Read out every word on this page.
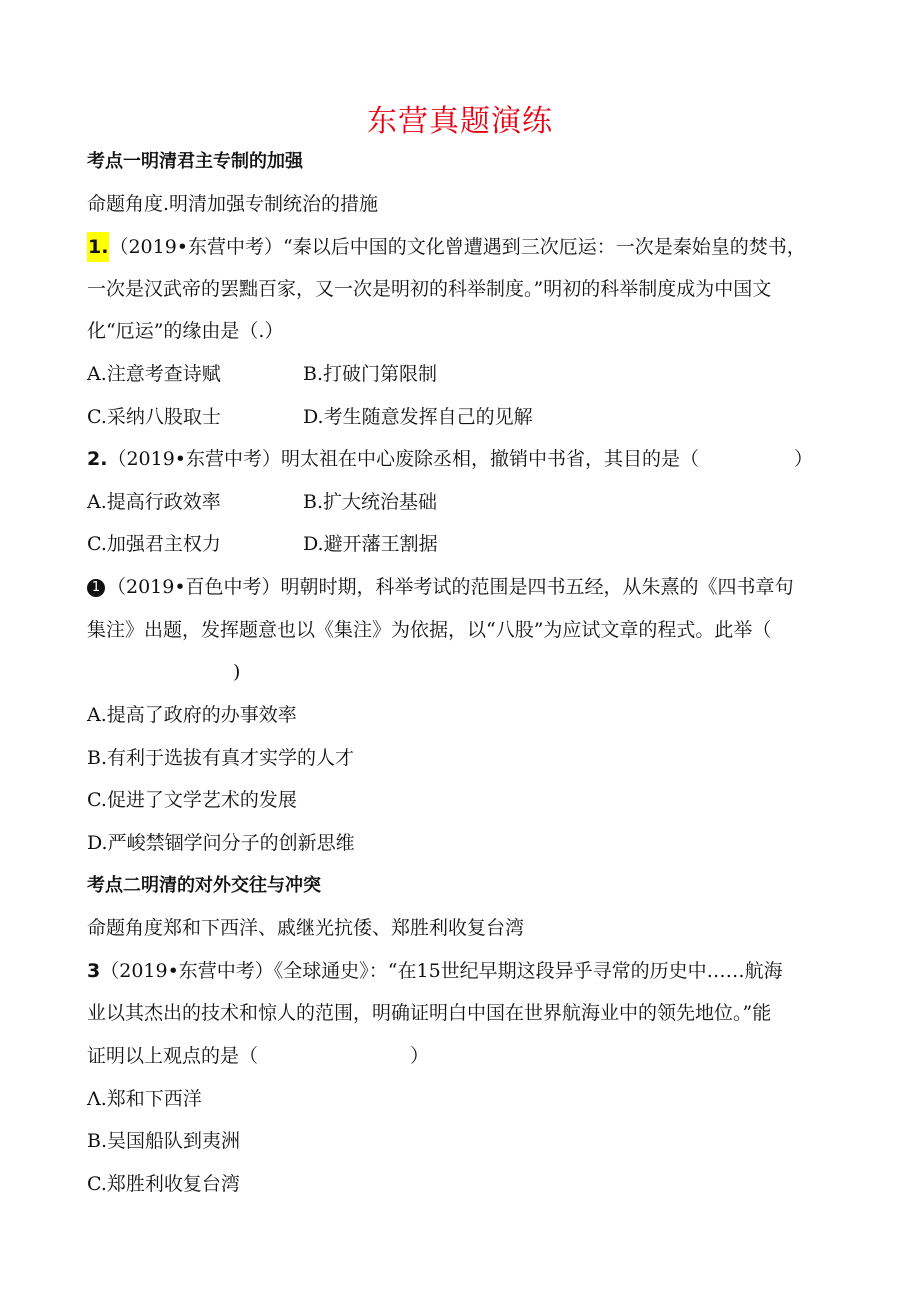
东营真题演练
考点一明清君主专制的加强
命题角度.明清加强专制统治的措施
1.（2019•东营中考）“秦以后中国的文化曾遭遇到三次厄运：一次是秦始皇的焚书，
一次是汉武帝的罢黜百家，又一次是明初的科举制度。”明初的科举制度成为中国文
化“厄运”的缘由是（.）
A.注意考查诗赋	B.打破门第限制
C.采纳八股取士	D.考生随意发挥自己的见解
2.（2019•东营中考）明太祖在中心废除丞相，撤销中书省，其目的是（　　　　　）
A.提高行政效率	B.扩大统治基础
C.加强君主权力	D.避开藩王割据
1 （2019•百色中考）明朝时期，科举考试的范围是四书五经，从朱熹的《四书章句
集注》出题，发挥题意也以《集注》为依据，以“八股”为应试文章的程式。此举（
)
A.提高了政府的办事效率
B.有利于选拔有真才实学的人才
C.促进了文学艺术的发展
D.严峻禁锢学问分子的创新思维
考点二明清的对外交往与冲突
命题角度郑和下西洋、戚继光抗倭、郑胜利收复台湾
3（2019•东营中考）《全球通史》：“在15世纪早期这段异乎寻常的历史中……航海
业以其杰出的技术和惊人的范围，明确证明白中国在世界航海业中的领先地位。”能
证明以上观点的是（　　　　　　　　）
Λ.郑和下西洋
B.吴国船队到夷洲
C.郑胜利收复台湾
